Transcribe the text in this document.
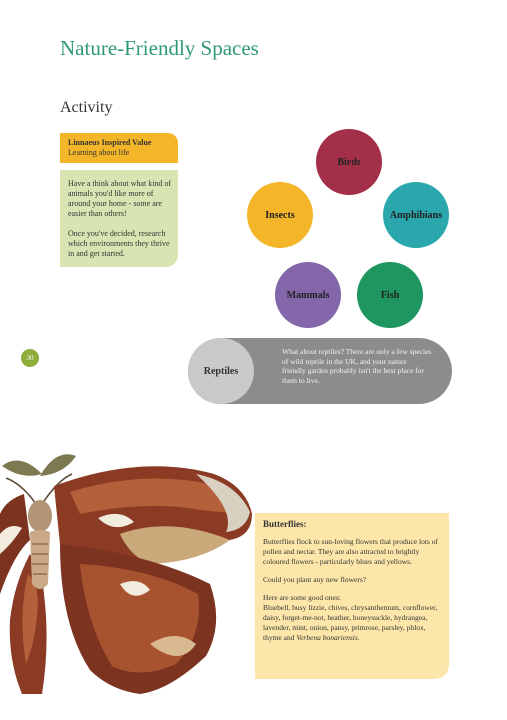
Nature-Friendly Spaces
Activity
Linnaeus Inspired Value
Learning about life

Have a think about what kind of animals you'd like more of around your home - some are easier than others!

Once you've decided, research which environments they thrive in and get started.

30
Birds
Insects	Amphibians
Mammals	Fish
Reptiles
What about reptiles? There are only a few species of wild reptile in the UK, and your nature friendly garden probably isn't the best place for them to live.
Butterflies:

Butterflies flock to sun-loving flowers that produce lots of pollen and nectar. They are also attracted to brightly coloured flowers - particularly blues and yellows.

Could you plant any new flowers?

Here are some good ones:
Bluebell, busy lizzie, chives, chrysanthemum, cornflower, daisy, forget-me-not, heather, honeysuckle, hydrangea, lavender, mint, onion, pansy, primrose, parsley, phlox, thyme and Verbena bonariensis.
